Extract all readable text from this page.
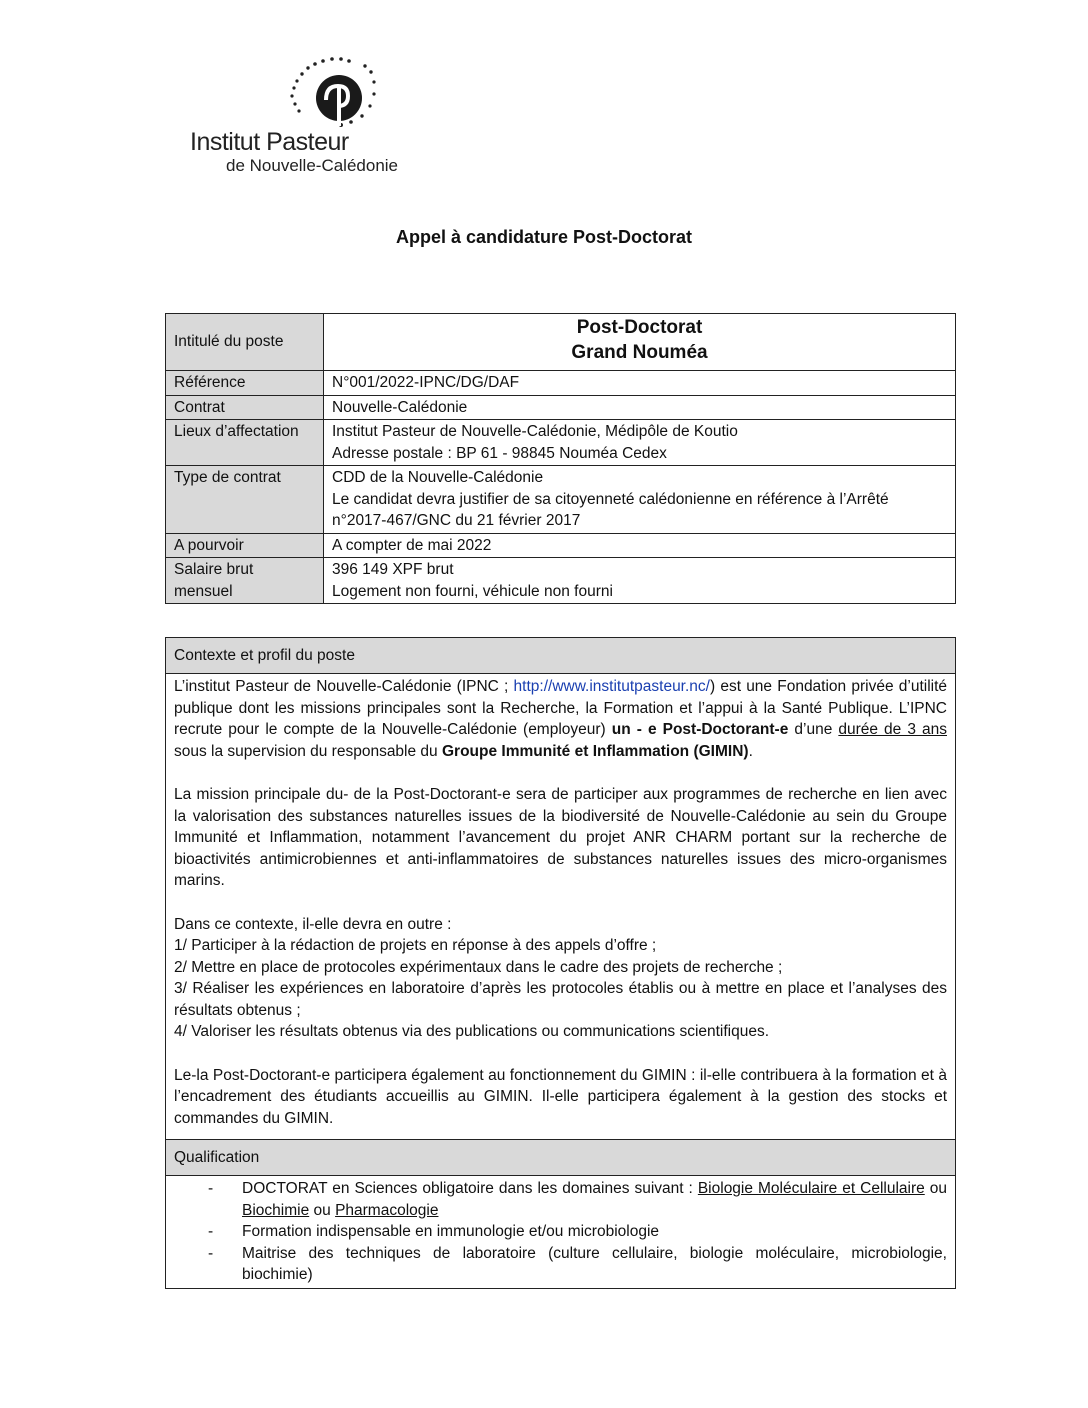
Institut Pasteur
de Nouvelle-Calédonie
Appel à candidature Post-Doctorat
Intitulé du poste	Post-Doctorat
Grand Nouméa

Référence	N°001/2022-IPNC/DG/DAF
Contrat	Nouvelle-Calédonie
Lieux d’affectation	Institut Pasteur de Nouvelle-Calédonie, Médipôle de Koutio
Adresse postale : BP 61 - 98845 Nouméa Cedex

Type de contrat	CDD de la Nouvelle-Calédonie
Le candidat devra justifier de sa citoyenneté calédonienne en référence à l’Arrêté n°2017-467/GNC du 21 février 2017

A pourvoir	A compter de mai 2022
Salaire brut mensuel	396 149 XPF brut
Logement non fourni, véhicule non fourni
Contexte et profil du poste

L’institut Pasteur de Nouvelle-Calédonie (IPNC ; http://www.institutpasteur.nc/) est une Fondation privée d’utilité publique dont les missions principales sont la Recherche, la Formation et l’appui à la Santé Publique. L’IPNC recrute pour le compte de la Nouvelle-Calédonie (employeur) un - e Post-Doctorant-e d’une durée de 3 ans sous la supervision du responsable du Groupe Immunité et Inflammation (GIMIN).

La mission principale du- de la Post-Doctorant-e sera de participer aux programmes de recherche en lien avec la valorisation des substances naturelles issues de la biodiversité de Nouvelle-Calédonie au sein du Groupe Immunité et Inflammation, notamment l’avancement du projet ANR CHARM portant sur la recherche de bioactivités antimicrobiennes et anti-inflammatoires de substances naturelles issues des micro-organismes marins.

Dans ce contexte, il-elle devra en outre :
1/ Participer à la rédaction de projets en réponse à des appels d’offre ;
2/ Mettre en place de protocoles expérimentaux dans le cadre des projets de recherche ;
3/ Réaliser les expériences en laboratoire d’après les protocoles établis ou à mettre en place et l’analyses des résultats obtenus ;
4/ Valoriser les résultats obtenus via des publications ou communications scientifiques.

Le-la Post-Doctorant-e participera également au fonctionnement du GIMIN : il-elle contribuera à la formation et à l’encadrement des étudiants accueillis au GIMIN. Il-elle participera également à la gestion des stocks et commandes du GIMIN.

Qualification

- DOCTORAT en Sciences obligatoire dans les domaines suivant : Biologie Moléculaire et Cellulaire ou Biochimie ou Pharmacologie
- Formation indispensable en immunologie et/ou microbiologie
- Maitrise des techniques de laboratoire (culture cellulaire, biologie moléculaire, microbiologie, biochimie)
